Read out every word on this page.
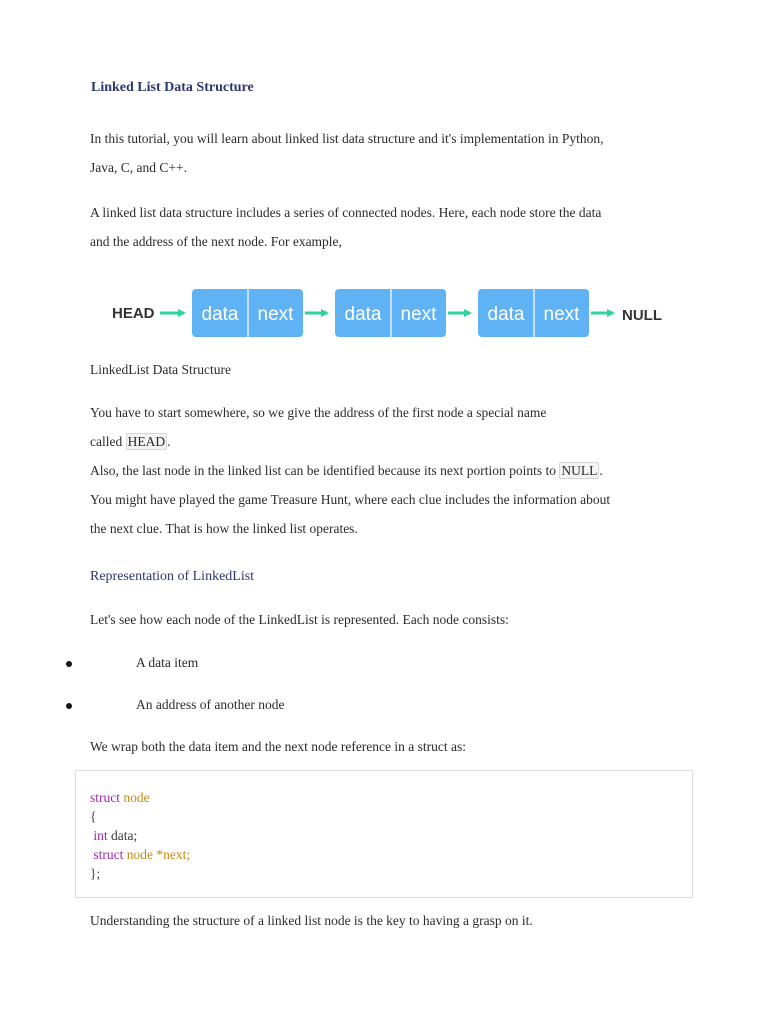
Linked List Data Structure
In this tutorial, you will learn about linked list data structure and it's implementation in Python,
Java, C, and C++.
A linked list data structure includes a series of connected nodes. Here, each node store the data
and the address of the next node. For example,
HEAD data next	data next	data next	NULL
LinkedList Data Structure
You have to start somewhere, so we give the address of the first node a special name
called HEAD .
Also, the last node in the linked list can be identified because its next portion points to NULL .
You might have played the game Treasure Hunt, where each clue includes the information about
the next clue. That is how the linked list operates.
Representation of LinkedList
Let's see how each node of the LinkedList is represented. Each node consists:
A data item
An address of another node
We wrap both the data item and the next node reference in a struct as:
struct node
{
int data;
struct node *next;
};
Understanding the structure of a linked list node is the key to having a grasp on it.
